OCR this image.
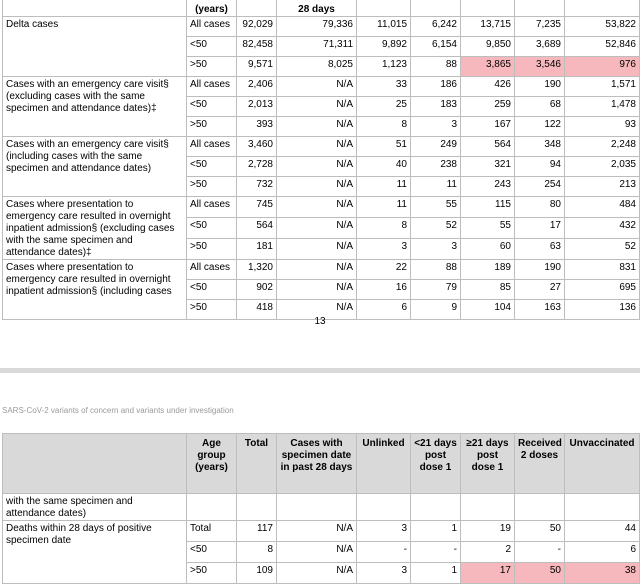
	(years)		28 days					
Delta cases	All cases	92,029	79,336	11,015	6,242	13,715	7,235	53,822
	<50	82,458	71,311	9,892	6,154	9,850	3,689	52,846
	>50	9,571	8,025	1,123	88	3,865	3,546	976
Cases with an emergency care visit§ (excluding cases with the same specimen and attendance dates)‡	All cases	2,406	N/A	33	186	426	190	1,571
	<50	2,013	N/A	25	183	259	68	1,478
	>50	393	N/A	8	3	167	122	93
Cases with an emergency care visit§ (including cases with the same specimen and attendance dates)	All cases	3,460	N/A	51	249	564	348	2,248
	<50	2,728	N/A	40	238	321	94	2,035
	>50	732	N/A	11	11	243	254	213
Cases where presentation to emergency care resulted in overnight inpatient admission§ (excluding cases with the same specimen and attendance dates)‡	All cases	745	N/A	11	55	115	80	484
	<50	564	N/A	8	52	55	17	432
	>50	181	N/A	3	3	60	63	52
Cases where presentation to emergency care resulted in overnight inpatient admission§ (including cases	All cases	1,320	N/A	22	88	189	190	831
	<50	902	N/A	16	79	85	27	695
	>50	418	N/A	6	9	104	163	136
13
SARS-CoV-2 variants of concern and variants under investigation
	Age group (years)	Total	Cases with specimen date in past 28 days	Unlinked	<21 days post dose 1	≥21 days post dose 1	Received 2 doses	Unvaccinated
with the same specimen and attendance dates)								
Deaths within 28 days of positive specimen date	Total	117	N/A	3	1	19	50	44
	<50	8	N/A	-	-	2	-	6
	>50	109	N/A	3	1	17	50	38
